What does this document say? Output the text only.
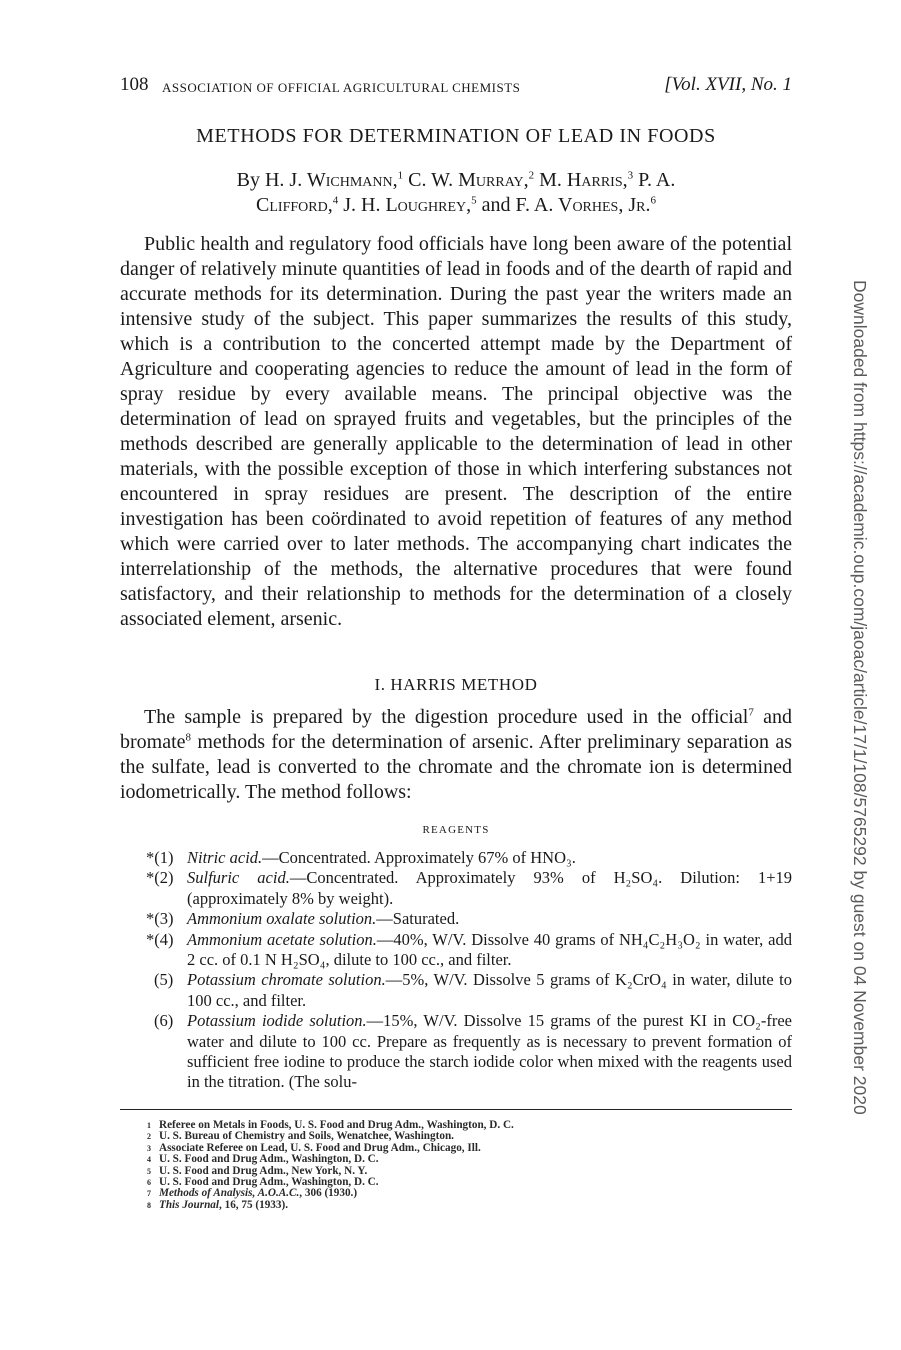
108 ASSOCIATION OF OFFICIAL AGRICULTURAL CHEMISTS	[Vol. XVII, No. 1
METHODS FOR DETERMINATION OF LEAD IN FOODS
By H. J. Wichmann,$^1$ C. W. Murray,$^2$ M. Harris,$^3$ P. A.
Clifford,$^4$ J. H. Loughrey,$^5$ and F. A. Vorhes, Jr.$^6$

Public health and regulatory food officials have long been aware of the potential danger of relatively minute quantities of lead in foods and of the dearth of rapid and accurate methods for its determination. During the past year the writers made an intensive study of the subject. This paper summarizes the results of this study, which is a contribution to the concerted attempt made by the Department of Agriculture and cooperating agencies to reduce the amount of lead in the form of spray residue by every available means. The principal objective was the determination of lead on sprayed fruits and vegetables, but the principles of the methods described are generally applicable to the determination of lead in other materials, with the possible exception of those in which interfering substances not encountered in spray residues are present. The description of the entire investigation has been coördinated to avoid repetition of features of any method which were carried over to later methods. The accompanying chart indicates the interrelationship of the methods, the alternative procedures that were found satisfactory, and their relationship to methods for the determination of a closely associated element, arsenic.

I. HARRIS METHOD

The sample is prepared by the digestion procedure used in the official$^7$ and bromate$^8$ methods for the determination of arsenic. After preliminary separation as the sulfate, lead is converted to the chromate and the chromate ion is determined iodometrically. The method follows:

REAGENTS
*(1) Nitric acid.—Concentrated. Approximately 67% of HNO₃.
*(2) Sulfuric acid.—Concentrated. Approximately 93% of H₂SO₄. Dilution: 1+19 (approximately 8% by weight).
*(3) Ammonium oxalate solution.—Saturated.
*(4) Ammonium acetate solution.—40%, W/V. Dissolve 40 grams of NH₄C₂H₃O₂ in water, add 2 cc. of 0.1 N H₂SO₄, dilute to 100 cc., and filter.
(5) Potassium chromate solution.—5%, W/V. Dissolve 5 grams of K₂CrO₄ in water, dilute to 100 cc., and filter.
(6) Potassium iodide solution.—15%, W/V. Dissolve 15 grams of the purest KI in CO₂-free water and dilute to 100 cc. Prepare as frequently as is necessary to prevent formation of sufficient free iodine to produce the starch iodide color when mixed with the reagents used in the titration. (The solu-
1 Referee on Metals in Foods, U. S. Food and Drug Adm., Washington, D. C.
2 U. S. Bureau of Chemistry and Soils, Wenatchee, Washington.
3 Associate Referee on Lead, U. S. Food and Drug Adm., Chicago, Ill.
4 U. S. Food and Drug Adm., Washington, D. C.
5 U. S. Food and Drug Adm., New York, N. Y.
6 U. S. Food and Drug Adm., Washington, D. C.
7 Methods of Analysis, A.O.A.C., 306 (1930.)
8 This Journal, 16, 75 (1933).
Downloaded from https://academic.oup.com/jaoac/article/17/1/108/5765292 by guest on 04 November 2020
